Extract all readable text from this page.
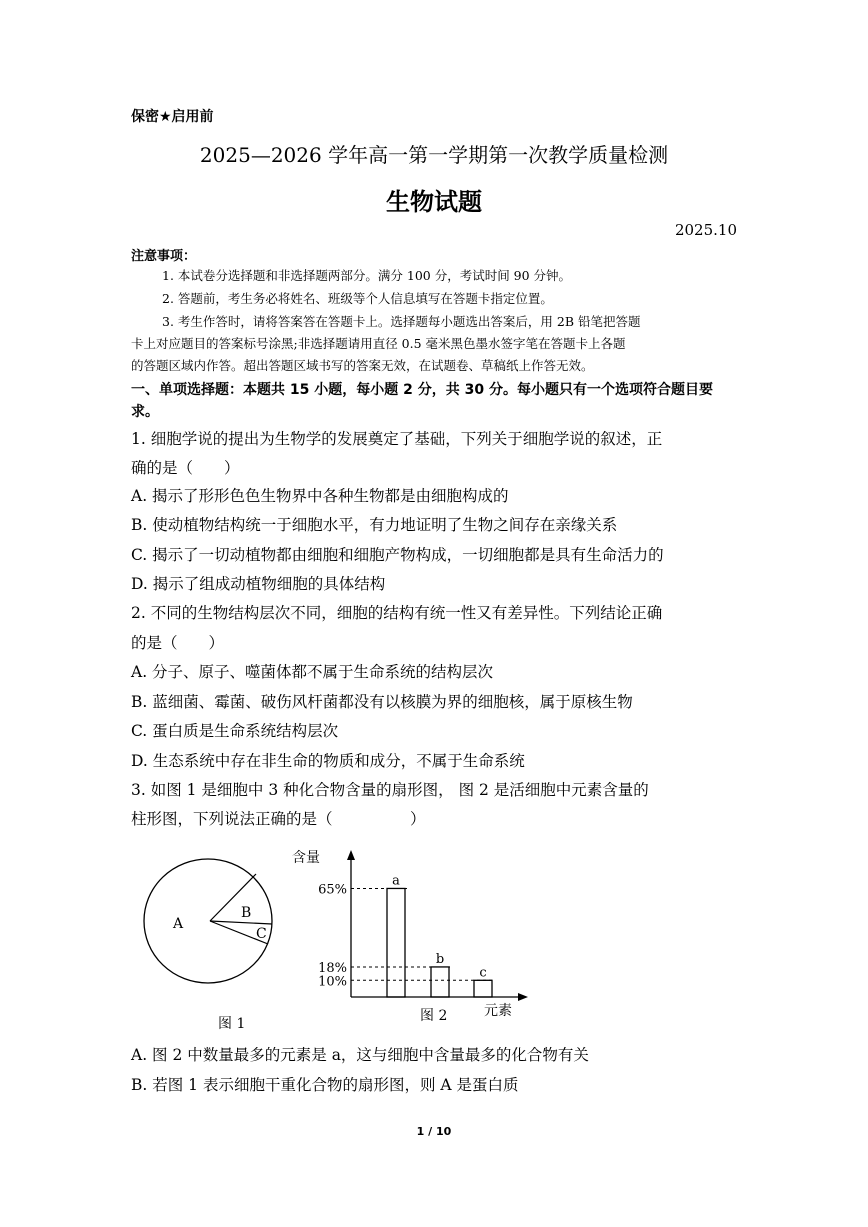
保密★启用前
2025—2026 学年高一第一学期第一次教学质量检测
生物试题
2025.10
注意事项：
1. 本试卷分选择题和非选择题两部分。满分 100 分，考试时间 90 分钟。
2. 答题前，考生务必将姓名、班级等个人信息填写在答题卡指定位置。
3. 考生作答时，请将答案答在答题卡上。选择题每小题选出答案后，用 2B 铅笔把答题
卡上对应题目的答案标号涂黑;非选择题请用直径 0.5 毫米黑色墨水签字笔在答题卡上各题
的答题区域内作答。超出答题区域书写的答案无效，在试题卷、草稿纸上作答无效。
一、单项选择题：本题共 15 小题，每小题 2 分，共 30 分。每小题只有一个选项符合题目要
求。
1. 细胞学说的提出为生物学的发展奠定了基础，下列关于细胞学说的叙述，正
确的是（　　）
A. 揭示了形形色色生物界中各种生物都是由细胞构成的
B. 使动植物结构统一于细胞水平，有力地证明了生物之间存在亲缘关系
C. 揭示了一切动植物都由细胞和细胞产物构成，一切细胞都是具有生命活力的
D. 揭示了组成动植物细胞的具体结构
2. 不同的生物结构层次不同，细胞的结构有统一性又有差异性。下列结论正确
的是（　　）
A. 分子、原子、噬菌体都不属于生命系统的结构层次
B. 蓝细菌、霉菌、破伤风杆菌都没有以核膜为界的细胞核，属于原核生物
C. 蛋白质是生命系统结构层次
D. 生态系统中存在非生命的物质和成分，不属于生命系统
3. 如图 1 是细胞中 3 种化合物含量的扇形图， 图 2 是活细胞中元素含量的
柱形图，下列说法正确的是（　　　　　）
A
B
C
图 1
含量
65%
a
18%
b
10%
c
图 2	元素
A. 图 2 中数量最多的元素是 a，这与细胞中含量最多的化合物有关
B. 若图 1 表示细胞干重化合物的扇形图，则 A 是蛋白质
1 / 10
